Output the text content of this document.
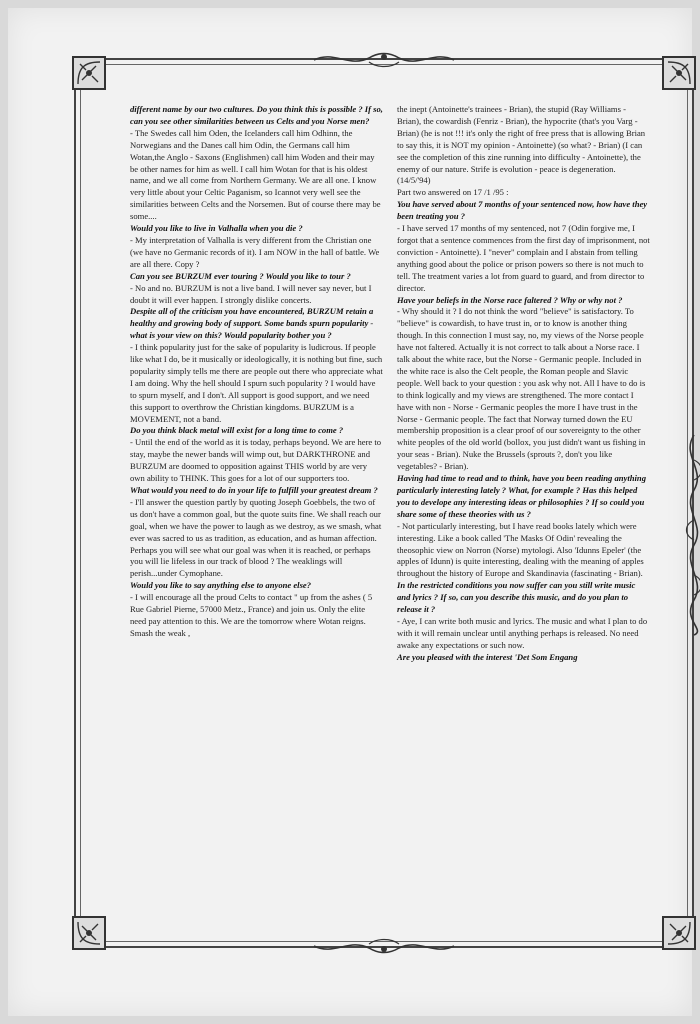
different name by our two cultures. Do you think this is possible ? If so, can you see other similarities between us Celts and you Norse men?

- The Swedes call him Oden, the Icelanders call him Odhinn, the Norwegians and the Danes call him Odin, the Germans call him Wotan,the Anglo - Saxons (Englishmen) call him Woden and their may be other names for him as well. I call him Wotan for that is his oldest name, and we all come from Northern Germany. We are all one. I know very little about your Celtic Paganism, so Icannot very well see the similarities between Celts and the Norsemen. But of course there may be some....

Would you like to live in Valhalla when you die ?

- My interpretation of Valhalla is very different from the Christian one (we have no Germanic records of it). I am NOW in the hall of battle. We are all there. Copy ?

Can you see BURZUM ever touring ? Would you like to tour ?

- No and no. BURZUM is not a live band. I will never say never, but I doubt it will ever happen. I strongly dislike concerts.

Despite all of the criticism you have encountered, BURZUM retain a healthy and growing body of support. Some bands spurn popularity - what is your view on this? Would popularity bother you ?

- I think popularity just for the sake of popularity is ludicrous. If people like what I do, be it musically or ideologically, it is nothing but fine, such popularity simply tells me there are people out there who appreciate what I am doing. Why the hell should I spurn such popularity ? I would have to spurn myself, and I don't. All support is good support, and we need this support to overthrow the Christian kingdoms. BURZUM is a MOVEMENT, not a band.

Do you think black metal will exist for a long time to come ?

- Until the end of the world as it is today, perhaps beyond. We are here to stay, maybe the newer bands will wimp out, but DARKTHRONE and BURZUM are doomed to opposition against THIS world by are very own ability to THINK. This goes for a lot of our supporters too.

What would you need to do in your life to fulfill your greatest dream ?

- I'll answer the question partly by quoting Joseph Goebbels, the two of us don't have a common goal, but the quote suits fine. We shall reach our goal, when we have the power to laugh as we destroy, as we smash, what ever was sacred to us as tradition, as education, and as human affection. Perhaps you will see what our goal was when it is reached, or perhaps you will lie lifeless in our track of blood ? The weaklings will perish...under Cymophane.

Would you like to say anything else to anyone else?

- I will encourage all the proud Celts to contact " up from the ashes ( 5 Rue Gabriel Pierne, 57000 Metz., France) and join us. Only the elite need pay attention to this. We are the tomorrow where Wotan reigns. Smash the weak ,

the inept (Antoinette's trainees - Brian), the stupid (Ray Williams - Brian), the cowardish (Fenriz - Brian), the hypocrite (that's you Varg - Brian) (he is not !!! it's only the right of free press that is allowing Brian to say this, it is NOT my opinion - Antoinette) (so what? - Brian) (I can see the completion of this zine running into difficulty - Antoinette), the enemy of our nature. Strife is evolution - peace is degeneration.

(14/5/'94)

Part two answered on 17 /1 /95 :

You have served about 7 months of your sentenced now, how have they been treating you ?

- I have served 17 months of my sentenced, not 7 (Odin forgive me, I forgot that a sentence commences from the first day of imprisonment, not conviction - Antoinette). I "never" complain and I abstain from telling anything good about the police or prison powers so there is not much to tell. The treatment varies a lot from guard to guard, and from director to director.

Have your beliefs in the Norse race faltered ? Why or why not ?

- Why should it ? I do not think the word "believe" is satisfactory. To "believe" is cowardish, to have trust in, or to know is another thing though. In this connection I must say, no, my views of the Norse people have not faltered. Actually it is not correct to talk about a Norse race. I talk about the white race, but the Norse - Germanic people. Included in the white race is also the Celt people, the Roman people and Slavic people. Well back to your question : you ask why not. All I have to do is to think logically and my views are strengthened. The more contact I have with non - Norse - Germanic peoples the more I have trust in the Norse - Germanic people. The fact that Norway turned down the EU membership proposition is a clear proof of our sovereignty to the other white peoples of the old world (bollox, you just didn't want us fishing in your seas - Brian). Nuke the Brussels (sprouts ?, don't you like vegetables? - Brian).

Having had time to read and to think, have you been reading anything particularly interesting lately ? What, for example ? Has this helped you to develope any interesting ideas or philosophies ? If so could you share some of these theories with us ?

- Not particularly interesting, but I have read books lately which were interesting. Like a book called 'The Masks Of Odin' revealing the theosophic view on Norron (Norse) mytologi. Also 'Idunns Epeler' (the apples of Idunn) is quite interesting, dealing with the meaning of apples throughout the history of Europe and Skandinavia (fascinating - Brian).

In the restricted conditions you now suffer can you still write music and lyrics ? If so, can you describe this music, and do you plan to release it ?

- Aye, I can write both music and lyrics. The music and what I plan to do with it will remain unclear until anything perhaps is released. No need awake any expectations or such now.

Are you pleased with the interest 'Det Som Engang
